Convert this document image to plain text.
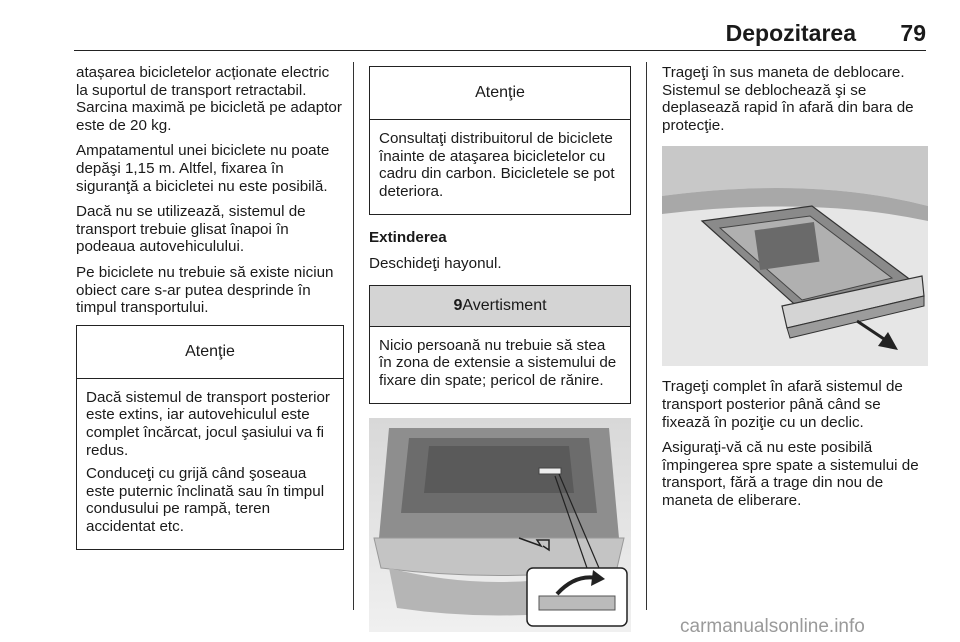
Depozitarea 79

atașarea bicicletelor acționate electric la suportul de transport retractabil. Sarcina maximă pe bicicletă pe adaptor este de 20 kg.

Ampatamentul unei biciclete nu poate depăşi 1,15 m. Altfel, fixarea în siguranţă a bicicletei nu este posibilă.

Dacă nu se utilizează, sistemul de transport trebuie glisat înapoi în podeaua autovehiculului.

Pe biciclete nu trebuie să existe niciun obiect care s-ar putea desprinde în timpul transportului.

Atenţie

Dacă sistemul de transport posterior este extins, iar autovehiculul este complet încărcat, jocul şasiului va fi redus.

Conduceţi cu grijă când şoseaua este puternic înclinată sau în timpul condusului pe rampă, teren accidentat etc.

Atenţie

Consultaţi distribuitorul de biciclete înainte de ataşarea bicicletelor cu cadru din carbon. Bicicletele se pot deteriora.

Extinderea

Deschideţi hayonul.

9 Avertisment

Nicio persoană nu trebuie să stea în zona de extensie a sistemului de fixare din spate; pericol de rănire.

Trageţi în sus maneta de deblocare. Sistemul se deblochează şi se deplasează rapid în afară din bara de protecţie.

Trageţi complet în afară sistemul de transport posterior până când se fixează în poziţie cu un declic.

Asiguraţi-vă că nu este posibilă împingerea spre spate a sistemului de transport, fără a trage din nou de maneta de eliberare.

carmanualsonline.info
